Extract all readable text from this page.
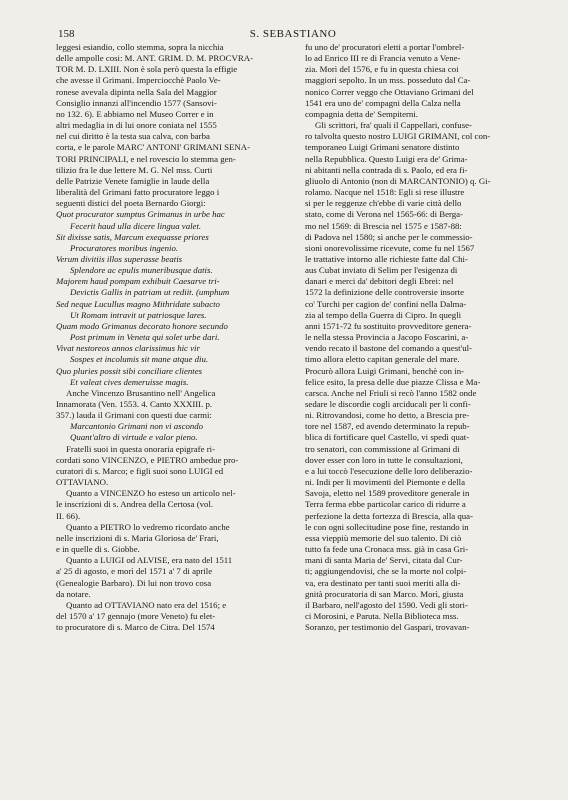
158	S. SEBASTIANO

leggesi esiandio, collo stemma, sopra la nicchia

delle ampolle cosi: M. ANT. GRIM. D. M. PROCVRA-

TOR M. D. LXIII. Non è sola però questa la effigie

che avesse il Grimani. Imperciocchè Paolo Ve-

ronese avevala dipinta nella Sala del Maggior

Consiglio innanzi all'incendio 1577 (Sansovi-

no 132. 6). E abbiamo nel Museo Correr e in

altri medaglia in di lui onore coniata nel 1555

nel cui diritto è la testa sua calva, con barba

corta, e le parole MARC' ANTONI' GRIMANI SENA-

TORI PRINCIPALI, e nel rovescio lo stemma gen-

tilizio fra le due lettere M. G. Nel mss. Curti

delle Patrizie Venete famiglie in laude della

liberalità del Grimani fatto procuratore leggo i

seguenti distici del poeta Bernardo Giorgi:

Quot procurator sumptus Grimanus in urbe hac

Fecerit haud ulla dicere lingua valet.

Sit dixisse satis, Marcum exequasse priores

Procuratores moribus ingenio.

Verum divitiis illos superasse beatis

Splendore ac epulis muneribusque datis.

Majorem haud pompam exhibuit Caesarve tri-

Devictis Gallis in patriam ut rediit. (umphum

Sed neque Lucullus magno Mithridate subacto

Ut Romam intravit ut patriosque lares.

Quam modo Grimanus decorato honore secundo

Post primum in Veneta qui solet urbe dari.

Vivat nestoreos annos clarissimus hic vir

Sospes et incolumis sit mane atque diu.

Quo pluries possit sibi conciliare clientes

Et valeat cives demeruisse magis.

Anche Vincenzo Brusantino nell' Angelica

Innamorata (Ven. 1553. 4. Canto XXXIII. p.

357.) lauda il Grimani con questi due carmi:

Marcantonio Grimani non vi ascondo

Quant'altro di virtude e valor pieno.

Fratelli suoi in questa onoraria epigrafe ri-

cordati sono VINCENZO, e PIETRO ambedue pro-

curatori di s. Marco; e figli suoi sono LUIGI ed

OTTAVIANO.

Quanto a VINCENZO ho esteso un articolo nel-

le inscrizioni di s. Andrea della Certosa (vol.

II. 66).

Quanto a PIETRO lo vedremo ricordato anche

nelle inscrizioni di s. Maria Gloriosa de' Frari,

e in quelle di s. Giobbe.

Quanto a LUIGI od ALVISE, era nato del 1511

a' 25 di agosto, e morì del 1571 a' 7 di aprile

(Genealogie Barbaro). Di lui non trovo cosa

da notare.

Quanto ad OTTAVIANO nato era del 1516; e

del 1570 a' 17 gennajo (more Veneto) fu elet-

to procuratore di s. Marco de Citra. Del 1574

fu uno de' procuratori eletti a portar l'ombrel-

lo ad Enrico III re di Francia venuto a Vene-

zia. Morì del 1576, e fu in questa chiesa coi

maggiori sepolto. In un mss. posseduto dal Ca-

nonico Correr veggo che Ottaviano Grimani del

1541 era uno de' compagni della Calza nella

compagnia detta de' Sempiterni.

Gli scrittori, fra' quali il Cappellari, confuse-

ro talvolta questo nostro LUIGI GRIMANI, col con-

temporaneo Luigi Grimani senatore distinto

nella Repubblica. Questo Luigi era de' Grima-

ni abitanti nella contrada di s. Paolo, ed era fi-

gliuolo di Antonio (non di MARCANTONIO) q. Gi-

rolamo. Nacque nel 1518: Egli si rese illustre

si per le reggenze ch'ebbe di varie città dello

stato, come di Verona nel 1565-66: di Berga-

mo nel 1569: di Brescia nel 1575 e 1587-88:

di Padova nel 1580; sì anche per le commessio-

sioni onorevolissime ricevute, come fu nel 1567

le trattative intorno alle richieste fatte dal Chi-

aus Cubat inviato di Selim per l'esigenza di

danari e merci da' debitori degli Ebrei: nel

1572 la definizione delle controversie insorte

co' Turchi per cagion de' confini nella Dalma-

zia al tempo della Guerra di Cipro. In quegli

anni 1571-72 fu sostituito provveditore genera-

le nella stessa Provincia a Jacopo Foscarini, a-

vendo recato il bastone del comando a quest'ul-

timo allora eletto capitan generale del mare.

Procurò allora Luigi Grimani, benchè con in-

felice esito, la presa delle due piazze Clissa e Ma-

carsca. Anche nel Friuli si recò l'anno 1582 onde

sedare le discordie cogli arciducali per li confi-

ni. Ritrovandosi, come ho detto, a Brescia pre-

tore nel 1587, ed avendo determinato la repub-

blica di fortificare quel Castello, vi spedì quat-

tro senatori, con commissione al Grimani di

dover esser con loro in tutte le consultazioni,

e a lui toccò l'esecuzione delle loro deliberazio-

ni. Indi per li movimenti del Piemonte e della

Savoja, eletto nel 1589 proveditore generale in

Terra ferma ebbe particolar carico di ridurre a

perfezione la detta fortezza di Brescia, alla qua-

le con ogni sollecitudine pose fine, restando in

essa vieppiù memorie del suo talento. Di ciò

tutto fa fede una Cronaca mss. già in casa Gri-

mani di santa Maria de' Servi, citata dal Cur-

ti; aggiungendovisi, che se la morte nol colpi-

va, era destinato per tanti suoi meriti alla di-

gnità procuratoria di san Marco. Morì, giusta

il Barbaro, nell'agosto del 1590. Vedi gli stori-

ci Morosini, e Paruta. Nella Biblioteca mss.

Soranzo, per testimonio del Gaspari, trovavan-
